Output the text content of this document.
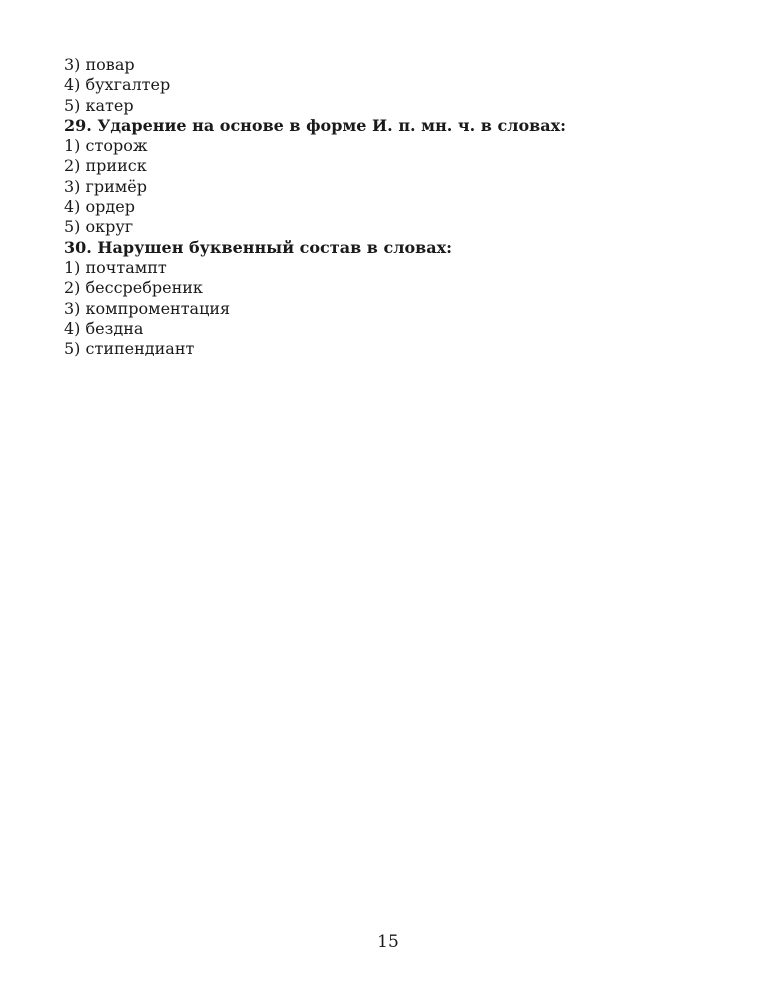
3) повар
4) бухгалтер
5) катер
29. Ударение на основе в форме И. п. мн. ч. в словах:
1) сторож
2) прииск
3) гримёр
4) ордер
5) округ
30. Нарушен буквенный состав в словах:
1) почтампт
2) бессребреник
3) компроментация
4) бездна
5) стипендиант
15
